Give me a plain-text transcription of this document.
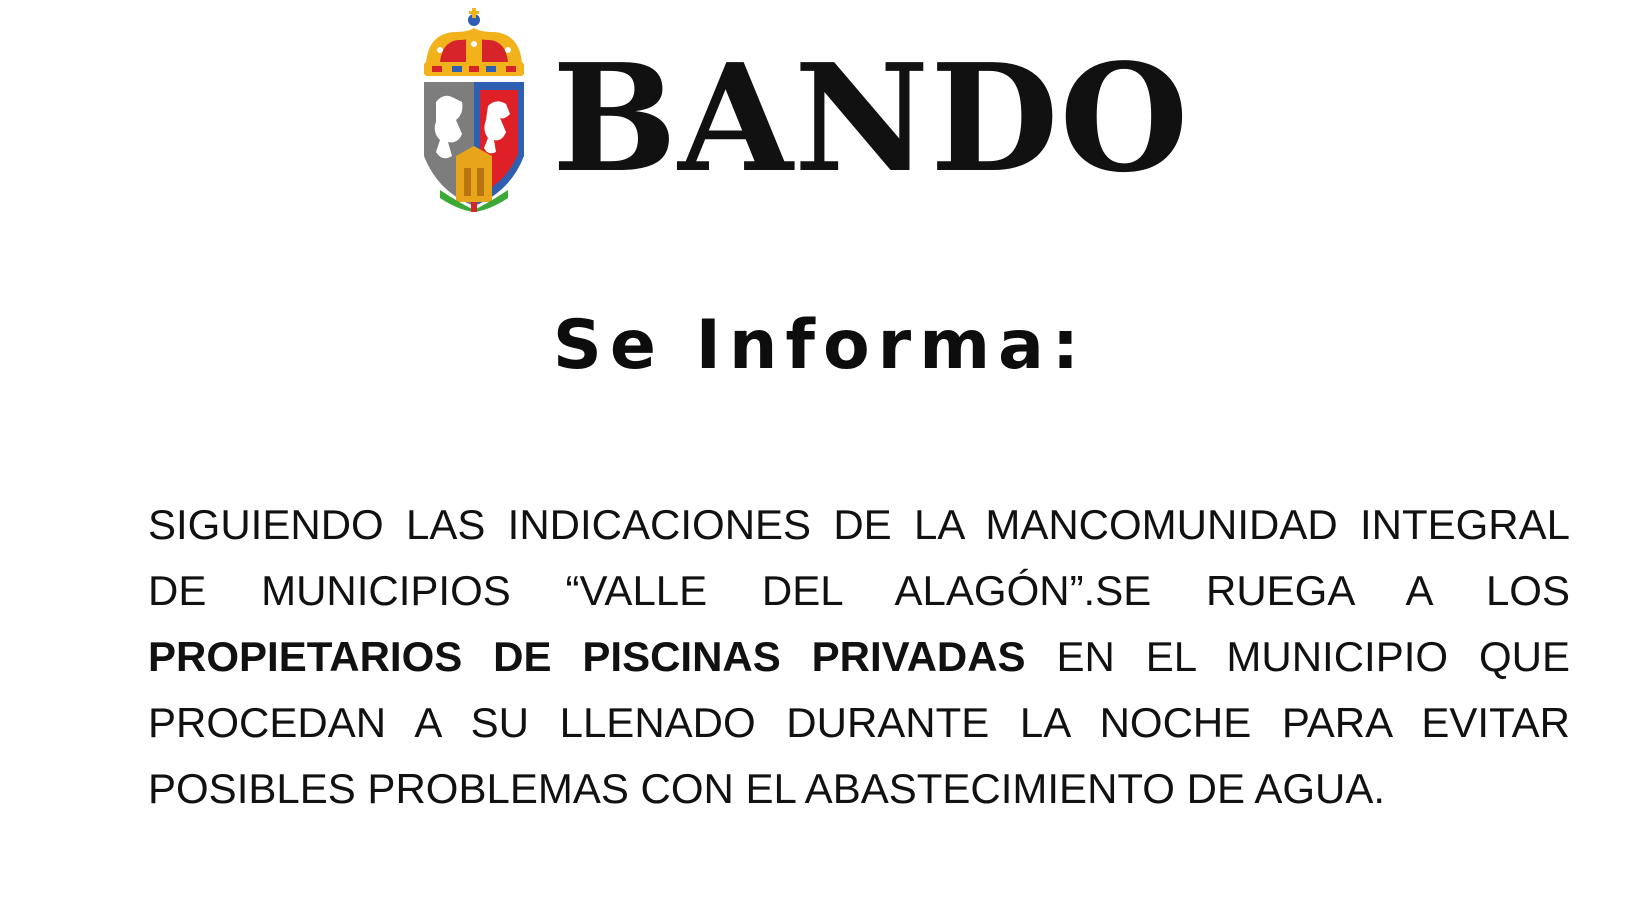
BANDO
Se Informa:

SIGUIENDO LAS INDICACIONES DE LA MANCOMUNIDAD INTEGRAL DE MUNICIPIOS “VALLE DEL ALAGÓN”.SE RUEGA A LOS PROPIETARIOS DE PISCINAS PRIVADAS EN EL MUNICIPIO QUE PROCEDAN A SU LLENADO DURANTE LA NOCHE PARA EVITAR POSIBLES PROBLEMAS CON EL ABASTECIMIENTO DE AGUA.
